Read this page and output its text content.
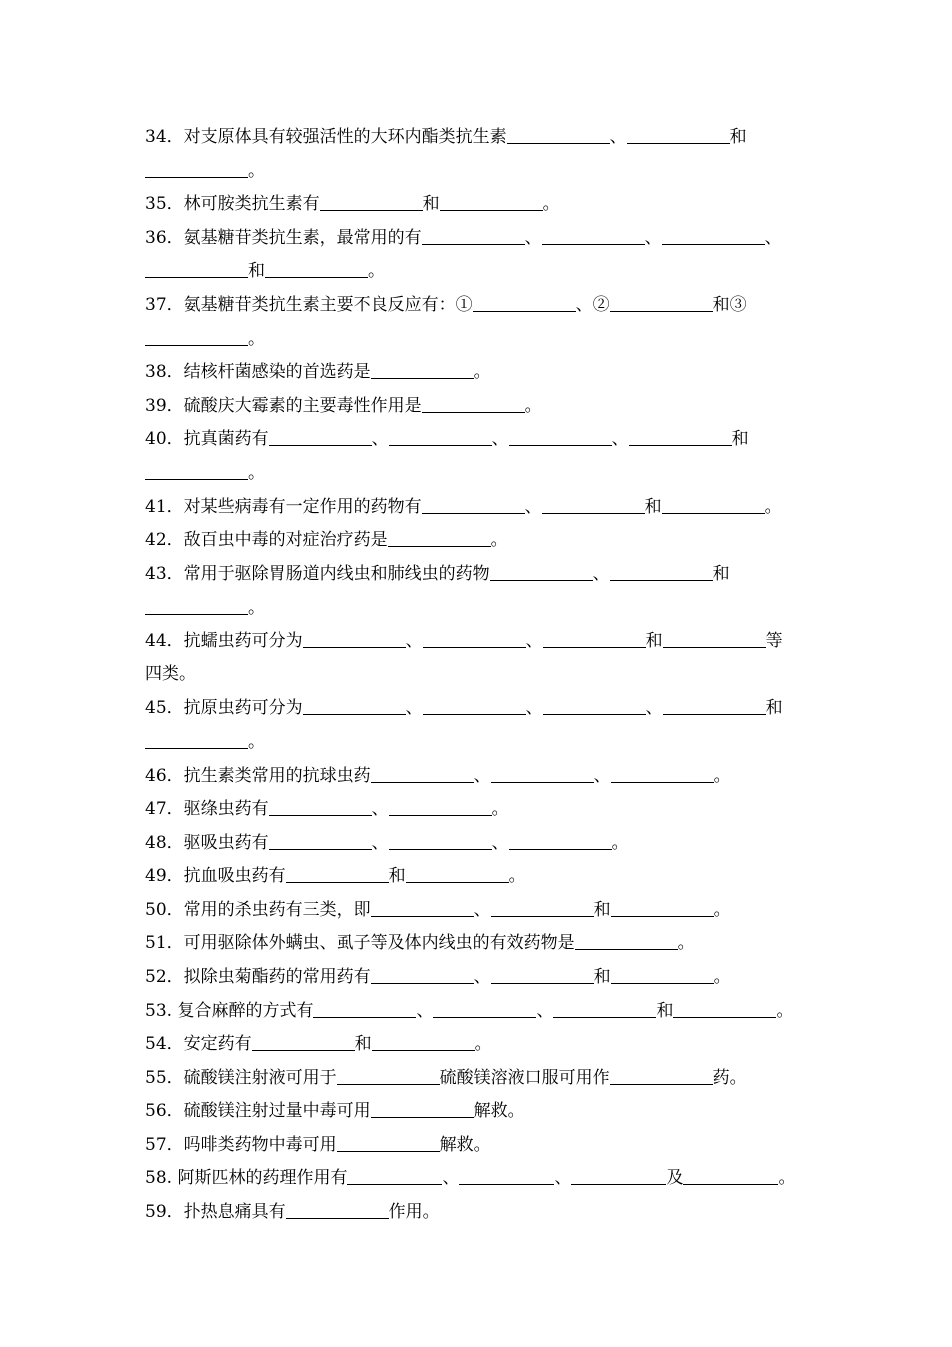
34．对支原体具有较强活性的大环内酯类抗生素	、	和
。
35．林可胺类抗生素有	和	。
36．氨基糖苷类抗生素，最常用的有	、	、	、
和	。
37．氨基糖苷类抗生素主要不良反应有：①	、②	和③
。
38．结核杆菌感染的首选药是	。
39．硫酸庆大霉素的主要毒性作用是	。
40．抗真菌药有	、	、	、	和
。
41．对某些病毒有一定作用的药物有	、	和	。
42．敌百虫中毒的对症治疗药是	。
43．常用于驱除胃肠道内线虫和肺线虫的药物	、	和
。
44．抗蠕虫药可分为	、	、	和	等
四类。
45．抗原虫药可分为	、	、	、	和
。
46．抗生素类常用的抗球虫药	、	、	。
47．驱绦虫药有	、	。
48．驱吸虫药有	、	、	。
49．抗血吸虫药有	和	。
50．常用的杀虫药有三类，即	、	和	。
51．可用驱除体外螨虫、虱子等及体内线虫的有效药物是	。
52．拟除虫菊酯药的常用药有	、	和	。
53. 复合麻醉的方式有	、	、	和	。
54．安定药有	和	。
55．硫酸镁注射液可用于	硫酸镁溶液口服可用作	药。
56．硫酸镁注射过量中毒可用	解救。
57．吗啡类药物中毒可用	解救。
58. 阿斯匹林的药理作用有	、	、	及	。
59．扑热息痛具有	作用。
